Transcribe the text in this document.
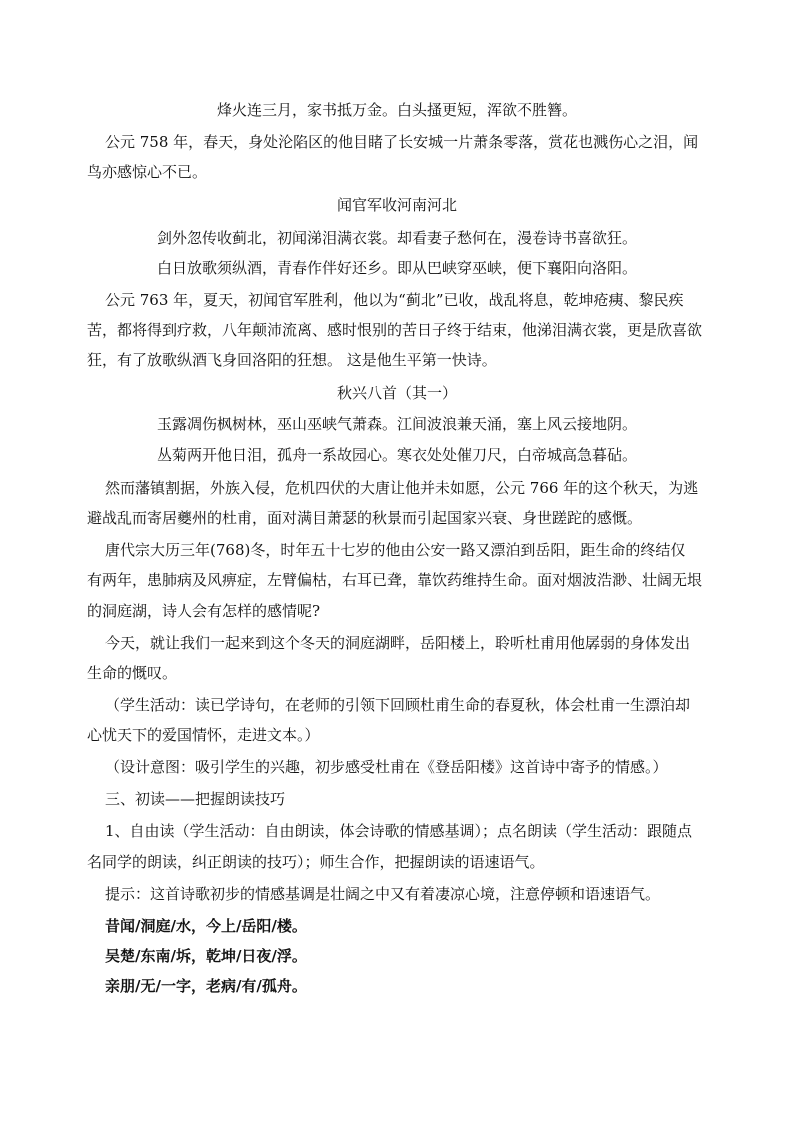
烽火连三月，家书抵万金。白头搔更短，浑欲不胜簪。
公元 758 年，春天，身处沦陷区的他目睹了长安城一片萧条零落，赏花也溅伤心之泪，闻
鸟亦感惊心不已。
闻官军收河南河北
剑外忽传收蓟北，初闻涕泪满衣裳。却看妻子愁何在，漫卷诗书喜欲狂。
白日放歌须纵酒，青春作伴好还乡。即从巴峡穿巫峡，便下襄阳向洛阳。
公元 763 年，夏天，初闻官军胜利，他以为“蓟北”已收，战乱将息，乾坤疮痍、黎民疾
苦，都将得到疗救，八年颠沛流离、感时恨别的苦日子终于结束，他涕泪满衣裳，更是欣喜欲
狂，有了放歌纵酒飞身回洛阳的狂想。 这是他生平第一快诗。
秋兴八首（其一）
玉露凋伤枫树林，巫山巫峡气萧森。江间波浪兼天涌，塞上风云接地阴。
丛菊两开他日泪，孤舟一系故园心。寒衣处处催刀尺，白帝城高急暮砧。
然而藩镇割据，外族入侵，危机四伏的大唐让他并未如愿，公元 766 年的这个秋天，为逃
避战乱而寄居夔州的杜甫，面对满目萧瑟的秋景而引起国家兴衰、身世蹉跎的感慨。
唐代宗大历三年(768)冬，时年五十七岁的他由公安一路又漂泊到岳阳，距生命的终结仅
有两年，患肺病及风痹症，左臂偏枯，右耳已聋，靠饮药维持生命。面对烟波浩渺、壮阔无垠
的洞庭湖，诗人会有怎样的感情呢?
今天，就让我们一起来到这个冬天的洞庭湖畔，岳阳楼上，聆听杜甫用他孱弱的身体发出
生命的慨叹。
（学生活动：读已学诗句，在老师的引领下回顾杜甫生命的春夏秋，体会杜甫一生漂泊却
心忧天下的爱国情怀，走进文本。）
（设计意图：吸引学生的兴趣，初步感受杜甫在《登岳阳楼》这首诗中寄予的情感。）
三、初读——把握朗读技巧
1、自由读（学生活动：自由朗读，体会诗歌的情感基调）；点名朗读（学生活动：跟随点
名同学的朗读，纠正朗读的技巧）；师生合作，把握朗读的语速语气。
提示：这首诗歌初步的情感基调是壮阔之中又有着凄凉心境，注意停顿和语速语气。
昔闻/洞庭/水，今上/岳阳/楼。
吴楚/东南/坼，乾坤/日夜/浮。
亲朋/无/一字，老病/有/孤舟。
